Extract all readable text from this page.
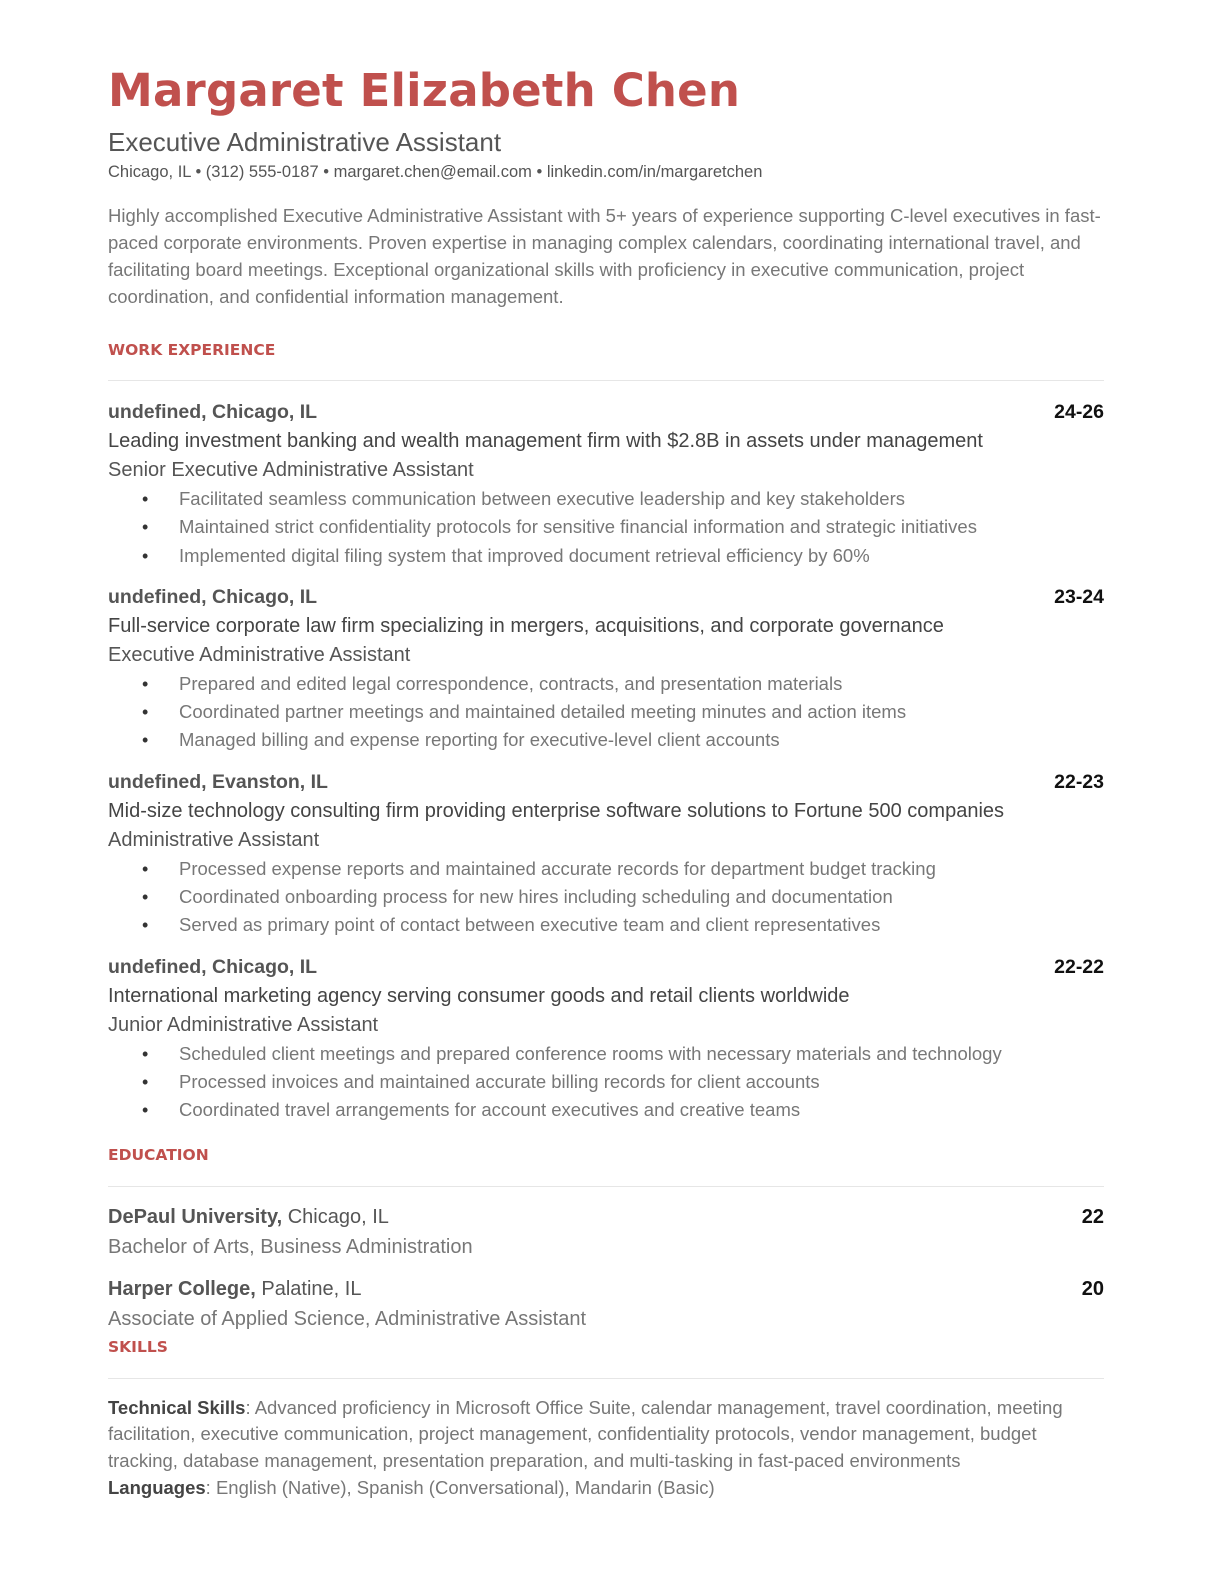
Margaret Elizabeth Chen
Executive Administrative Assistant
Chicago, IL • (312) 555-0187 • margaret.chen@email.com • linkedin.com/in/margaretchen
Highly accomplished Executive Administrative Assistant with 5+ years of experience supporting C-level executives in fast-paced corporate environments. Proven expertise in managing complex calendars, coordinating international travel, and facilitating board meetings. Exceptional organizational skills with proficiency in executive communication, project coordination, and confidential information management.
WORK EXPERIENCE
undefined, Chicago, IL	24-26
Leading investment banking and wealth management firm with $2.8B in assets under management
Senior Executive Administrative Assistant
• Facilitated seamless communication between executive leadership and key stakeholders
• Maintained strict confidentiality protocols for sensitive financial information and strategic initiatives
• Implemented digital filing system that improved document retrieval efficiency by 60%
undefined, Chicago, IL	23-24
Full-service corporate law firm specializing in mergers, acquisitions, and corporate governance
Executive Administrative Assistant
• Prepared and edited legal correspondence, contracts, and presentation materials
• Coordinated partner meetings and maintained detailed meeting minutes and action items
• Managed billing and expense reporting for executive-level client accounts
undefined, Evanston, IL	22-23
Mid-size technology consulting firm providing enterprise software solutions to Fortune 500 companies
Administrative Assistant
• Processed expense reports and maintained accurate records for department budget tracking
• Coordinated onboarding process for new hires including scheduling and documentation
• Served as primary point of contact between executive team and client representatives
undefined, Chicago, IL	22-22
International marketing agency serving consumer goods and retail clients worldwide
Junior Administrative Assistant
• Scheduled client meetings and prepared conference rooms with necessary materials and technology
• Processed invoices and maintained accurate billing records for client accounts
• Coordinated travel arrangements for account executives and creative teams
EDUCATION
DePaul University, Chicago, IL	22
Bachelor of Arts, Business Administration
Harper College, Palatine, IL	20
Associate of Applied Science, Administrative Assistant
SKILLS

Technical Skills: Advanced proficiency in Microsoft Office Suite, calendar management, travel coordination, meeting facilitation, executive communication, project management, confidentiality protocols, vendor management, budget tracking, database management, presentation preparation, and multi-tasking in fast-paced environments

Languages: English (Native), Spanish (Conversational), Mandarin (Basic)
